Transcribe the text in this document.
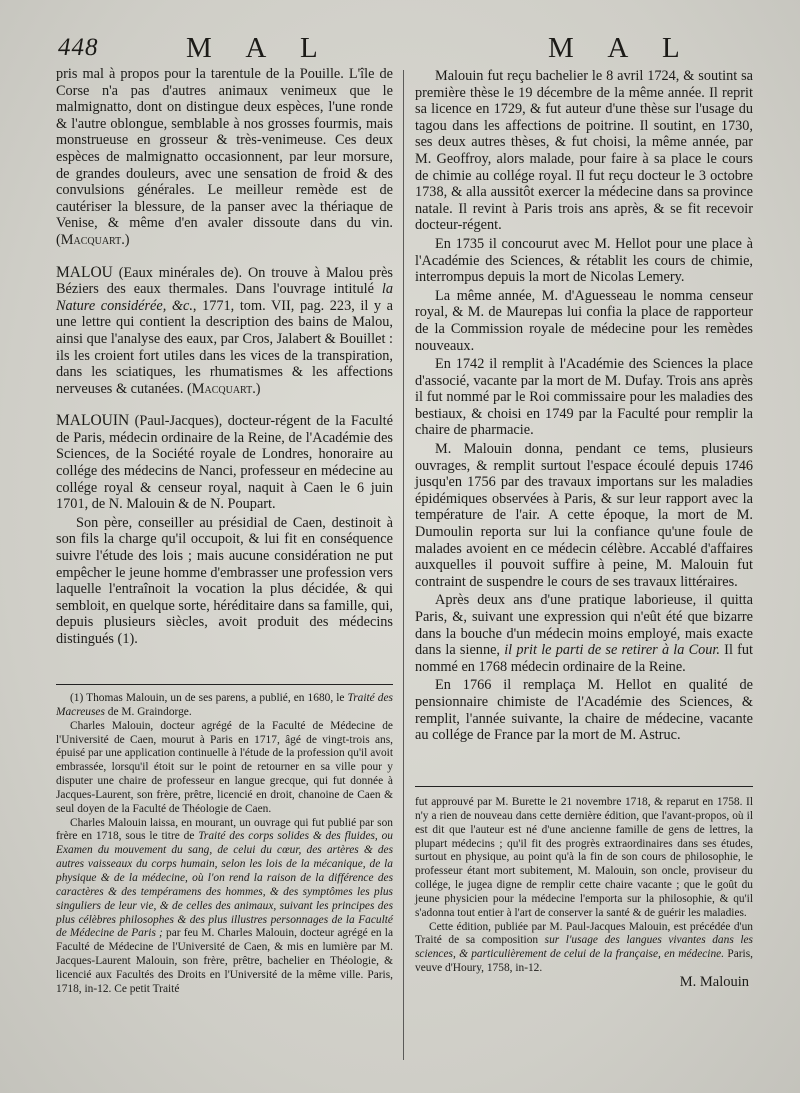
448	M A L	M A L

pris mal à propos pour la tarentule de la Pouille. L'île de Corse n'a pas d'autres animaux venimeux que le malmignatto, dont on distingue deux espèces, l'une ronde & l'autre oblongue, semblable à nos grosses fourmis, mais monstrueuse en grosseur & très-venimeuse. Ces deux espèces de malmignatto occasionnent, par leur morsure, de grandes douleurs, avec une sensation de froid & des convulsions générales. Le meilleur remède est de cautériser la blessure, de la panser avec la thériaque de Venise, & même d'en avaler dissoute dans du vin. (Macquart.)

MALOU (Eaux minérales de). On trouve à Malou près Béziers des eaux thermales. Dans l'ouvrage intitulé la Nature considérée, &c., 1771, tom. VII, pag. 223, il y a une lettre qui contient la description des bains de Malou, ainsi que l'analyse des eaux, par Cros, Jalabert & Bouillet : ils les croient fort utiles dans les vices de la transpiration, dans les sciatiques, les rhumatismes & les affections nerveuses & cutanées. (Macquart.)

MALOUIN (Paul-Jacques), docteur-régent de la Faculté de Paris, médecin ordinaire de la Reine, de l'Académie des Sciences, de la Société royale de Londres, honoraire au collége des médecins de Nanci, professeur en médecine au collége royal & censeur royal, naquit à Caen le 6 juin 1701, de N. Malouin & de N. Poupart.

Son père, conseiller au présidial de Caen, destinoit à son fils la charge qu'il occupoit, & lui fit en conséquence suivre l'étude des lois ; mais aucune considération ne put empêcher le jeune homme d'embrasser une profession vers laquelle l'entraînoit la vocation la plus décidée, & qui sembloit, en quelque sorte, héréditaire dans sa famille, qui, depuis plusieurs siècles, avoit produit des médecins distingués (1).

(1) Thomas Malouin, un de ses parens, a publié, en 1680, le Traité des Macreuses de M. Graindorge.

Charles Malouin, docteur agrégé de la Faculté de Médecine de l'Université de Caen, mourut à Paris en 1717, âgé de vingt-trois ans, épuisé par une application continuelle à l'étude de la profession qu'il avoit embrassée, lorsqu'il étoit sur le point de retourner en sa ville pour y disputer une chaire de professeur en langue grecque, qui fut donnée à Jacques-Laurent, son frère, prêtre, licencié en droit, chanoine de Caen & seul doyen de la Faculté de Théologie de Caen.

Charles Malouin laissa, en mourant, un ouvrage qui fut publié par son frère en 1718, sous le titre de Traité des corps solides & des fluides, ou Examen du mouvement du sang, de celui du cœur, des artères & des autres vaisseaux du corps humain, selon les lois de la mécanique, de la physique & de la médecine, où l'on rend la raison de la différence des caractères & des tempéramens des hommes, & des symptômes les plus singuliers de leur vie, & de celles des animaux, suivant les principes des plus célèbres philosophes & des plus illustres personnages de la Faculté de Médecine de Paris ; par feu M. Charles Malouin, docteur agrégé en la Faculté de Médecine de l'Université de Caen, & mis en lumière par M. Jacques-Laurent Malouin, son frère, prêtre, bachelier en Théologie, & licencié aux Facultés des Droits en l'Université de la même ville. Paris, 1718, in-12. Ce petit Traité

Malouin fut reçu bachelier le 8 avril 1724, & soutint sa première thèse le 19 décembre de la même année. Il reprit sa licence en 1729, & fut auteur d'une thèse sur l'usage du tagou dans les affections de poitrine. Il soutint, en 1730, ses deux autres thèses, & fut choisi, la même année, par M. Geoffroy, alors malade, pour faire à sa place le cours de chimie au collége royal. Il fut reçu docteur le 3 octobre 1738, & alla aussitôt exercer la médecine dans sa province natale. Il revint à Paris trois ans après, & se fit recevoir docteur-régent.

En 1735 il concourut avec M. Hellot pour une place à l'Académie des Sciences, & rétablit les cours de chimie, interrompus depuis la mort de Nicolas Lemery.

La même année, M. d'Aguesseau le nomma censeur royal, & M. de Maurepas lui confia la place de rapporteur de la Commission royale de médecine pour les remèdes nouveaux.

En 1742 il remplit à l'Académie des Sciences la place d'associé, vacante par la mort de M. Dufay. Trois ans après il fut nommé par le Roi commissaire pour les maladies des bestiaux, & choisi en 1749 par la Faculté pour remplir la chaire de pharmacie.

M. Malouin donna, pendant ce tems, plusieurs ouvrages, & remplit surtout l'espace écoulé depuis 1746 jusqu'en 1756 par des travaux importans sur les maladies épidémiques observées à Paris, & sur leur rapport avec la température de l'air. A cette époque, la mort de M. Dumoulin reporta sur lui la confiance qu'une foule de malades avoient en ce médecin célèbre. Accablé d'affaires auxquelles il pouvoit suffire à peine, M. Malouin fut contraint de suspendre le cours de ses travaux littéraires.

Après deux ans d'une pratique laborieuse, il quitta Paris, &, suivant une expression qui n'eût été que bizarre dans la bouche d'un médecin moins employé, mais exacte dans la sienne, il prit le parti de se retirer à la Cour. Il fut nommé en 1768 médecin ordinaire de la Reine.

En 1766 il remplaça M. Hellot en qualité de pensionnaire chimiste de l'Académie des Sciences, & remplit, l'année suivante, la chaire de médecine, vacante au collége de France par la mort de M. Astruc.

fut approuvé par M. Burette le 21 novembre 1718, & reparut en 1758. Il n'y a rien de nouveau dans cette dernière édition, que l'avant-propos, où il est dit que l'auteur est né d'une ancienne famille de gens de lettres, la plupart médecins ; qu'il fit des progrès extraordinaires dans ses études, surtout en physique, au point qu'à la fin de son cours de philosophie, le professeur étant mort subitement, M. Malouin, son oncle, proviseur du collége, le jugea digne de remplir cette chaire vacante ; que le goût du jeune physicien pour la médecine l'emporta sur la philosophie, & qu'il s'adonna tout entier à l'art de conserver la santé & de guérir les maladies.

Cette édition, publiée par M. Paul-Jacques Malouin, est précédée d'un Traité de sa composition sur l'usage des langues vivantes dans les sciences, & particulièrement de celui de la française, en médecine. Paris, veuve d'Houry, 1758, in-12.

M. Malouin
